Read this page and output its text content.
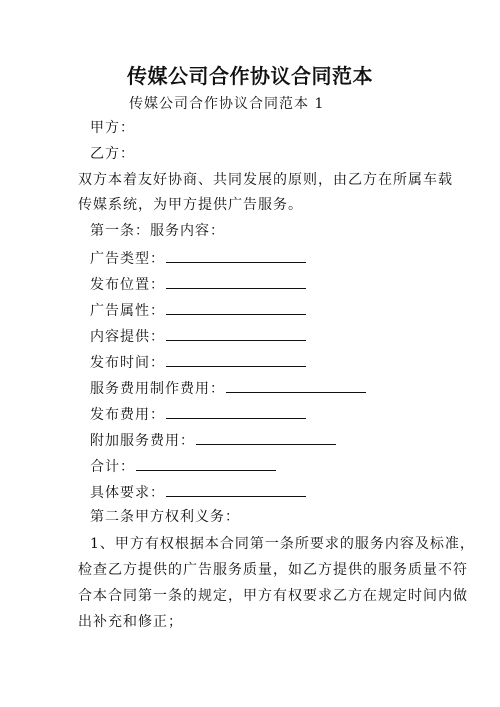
传媒公司合作协议合同范本
传媒公司合作协议合同范本 1
甲方：
乙方：
双方本着友好协商、共同发展的原则，由乙方在所属车载
传媒系统，为甲方提供广告服务。
第一条：服务内容：
广告类型：
发布位置：
广告属性：
内容提供：
发布时间：
服务费用制作费用：
发布费用：
附加服务费用：
合计：
具体要求：
第二条甲方权利义务：
1、甲方有权根据本合同第一条所要求的服务内容及标准，
检查乙方提供的广告服务质量，如乙方提供的服务质量不符
合本合同第一条的规定，甲方有权要求乙方在规定时间内做
出补充和修正；
